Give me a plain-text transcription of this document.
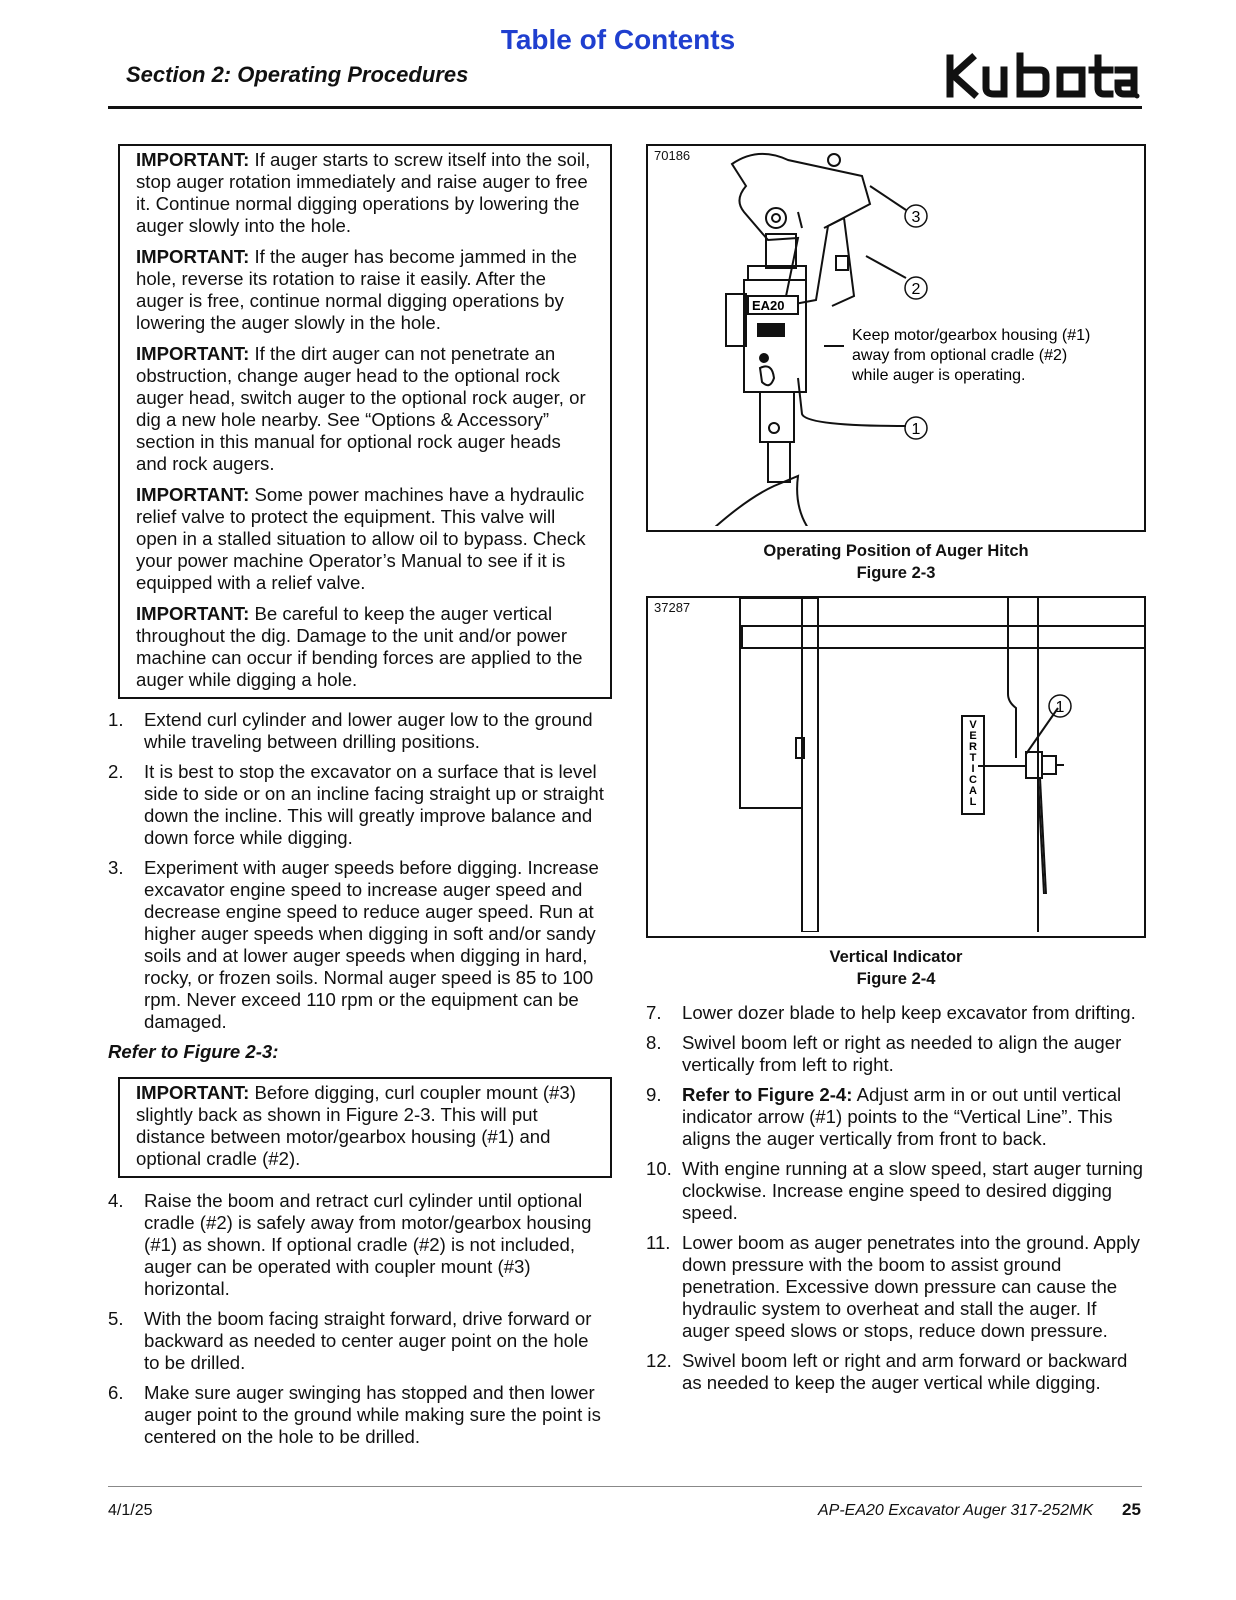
Table of Contents
Section 2: Operating Procedures

IMPORTANT: If auger starts to screw itself into the soil, stop auger rotation immediately and raise auger to free it. Continue normal digging operations by lowering the auger slowly into the hole.

IMPORTANT: If the auger has become jammed in the hole, reverse its rotation to raise it easily. After the auger is free, continue normal digging operations by lowering the auger slowly in the hole.

IMPORTANT: If the dirt auger can not penetrate an obstruction, change auger head to the optional rock auger head, switch auger to the optional rock auger, or dig a new hole nearby. See “Options & Accessory” section in this manual for optional rock auger heads and rock augers.

IMPORTANT: Some power machines have a hydraulic relief valve to protect the equipment. This valve will open in a stalled situation to allow oil to bypass. Check your power machine Operator’s Manual to see if it is equipped with a relief valve.

IMPORTANT: Be careful to keep the auger vertical throughout the dig. Damage to the unit and/or power machine can occur if bending forces are applied to the auger while digging a hole.

1.	Extend curl cylinder and lower auger low to the ground while traveling between drilling positions.
2.	It is best to stop the excavator on a surface that is level side to side or on an incline facing straight up or straight down the incline. This will greatly improve balance and down force while digging.
3.	Experiment with auger speeds before digging. Increase excavator engine speed to increase auger speed and decrease engine speed to reduce auger speed. Run at higher auger speeds when digging in soft and/or sandy soils and at lower auger speeds when digging in hard, rocky, or frozen soils. Normal auger speed is 85 to 100 rpm. Never exceed 110 rpm or the equipment can be damaged.
Refer to Figure 2-3:

IMPORTANT: Before digging, curl coupler mount (#3) slightly back as shown in Figure 2-3. This will put distance between motor/gearbox housing (#1) and optional cradle (#2).

4.	Raise the boom and retract curl cylinder until optional cradle (#2) is safely away from motor/gearbox housing (#1) as shown. If optional cradle (#2) is not included, auger can be operated with coupler mount (#3) horizontal.
5.	With the boom facing straight forward, drive forward or backward as needed to center auger point on the hole to be drilled.
6.	Make sure auger swinging has stopped and then lower auger point to the ground while making sure the point is centered on the hole to be drilled.
70186
3
2
1
EA20
Keep motor/gearbox housing (#1)
away from optional cradle (#2)
while auger is operating.
Operating Position of Auger Hitch
Figure 2-3
37287
1
V
E
R
T
I
C
A
L
Vertical Indicator
Figure 2-4
7.	Lower dozer blade to help keep excavator from drifting.
8.	Swivel boom left or right as needed to align the auger vertically from left to right.
9.	Refer to Figure 2-4: Adjust arm in or out until vertical indicator arrow (#1) points to the “Vertical Line”. This aligns the auger vertically from front to back.
10. With engine running at a slow speed, start auger turning clockwise. Increase engine speed to desired digging speed.
11. Lower boom as auger penetrates into the ground. Apply down pressure with the boom to assist ground penetration. Excessive down pressure can cause the hydraulic system to overheat and stall the auger. If auger speed slows or stops, reduce down pressure.
12. Swivel boom left or right and arm forward or backward as needed to keep the auger vertical while digging.
4/1/25	AP-EA20 Excavator Auger 317-252MK 25
